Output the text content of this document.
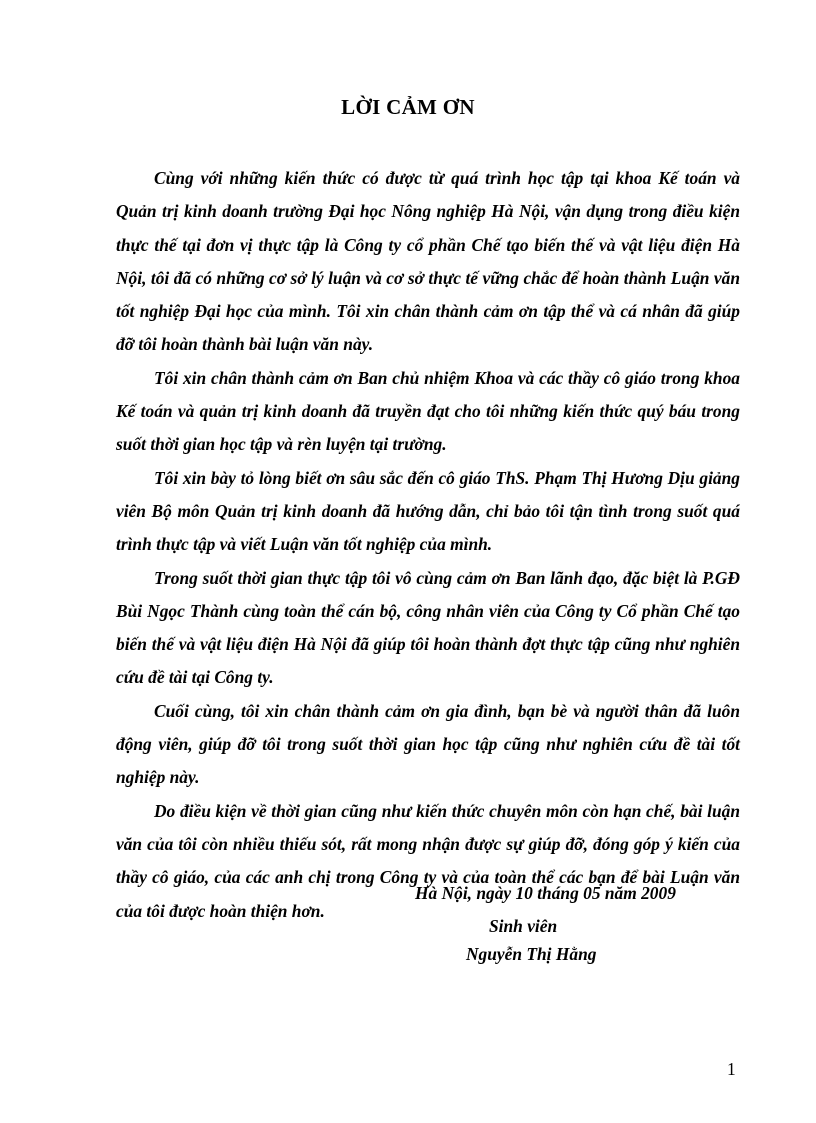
LỜI CẢM ƠN

Cùng với những kiến thức có được từ quá trình học tập tại khoa Kế toán và Quản trị kinh doanh trường Đại học Nông nghiệp Hà Nội, vận dụng trong điều kiện thực thế tại đơn vị thực tập là Công ty cổ phần Chế tạo biến thế và vật liệu điện Hà Nội, tôi đã có những cơ sở lý luận và cơ sở thực tế vững chắc để hoàn thành Luận văn tốt nghiệp Đại học của mình. Tôi xin chân thành cảm ơn tập thể và cá nhân đã giúp đỡ tôi hoàn thành bài luận văn này.

Tôi xin chân thành cảm ơn Ban chủ nhiệm Khoa và các thầy cô giáo trong khoa Kế toán và quản trị kinh doanh đã truyền đạt cho tôi những kiến thức quý báu trong suốt thời gian học tập và rèn luyện tại trường.

Tôi xin bày tỏ lòng biết ơn sâu sắc đến cô giáo ThS. Phạm Thị Hương Dịu giảng viên Bộ môn Quản trị kinh doanh đã hướng dẫn, chỉ bảo tôi tận tình trong suốt quá trình thực tập và viết Luận văn tốt nghiệp của mình.

Trong suốt thời gian thực tập tôi vô cùng cảm ơn Ban lãnh đạo, đặc biệt là P.GĐ Bùi Ngọc Thành cùng toàn thể cán bộ, công nhân viên của Công ty Cổ phần Chế tạo biến thế và vật liệu điện Hà Nội đã giúp tôi hoàn thành đợt thực tập cũng như nghiên cứu đề tài tại Công ty.

Cuối cùng, tôi xin chân thành cảm ơn gia đình, bạn bè và người thân đã luôn động viên, giúp đỡ tôi trong suốt thời gian học tập cũng như nghiên cứu đề tài tốt nghiệp này.

Do điều kiện về thời gian cũng như kiến thức chuyên môn còn hạn chế, bài luận văn của tôi còn nhiều thiếu sót, rất mong nhận được sự giúp đỡ, đóng góp ý kiến của thầy cô giáo, của các anh chị trong Công ty và của toàn thể các bạn để bài Luận văn của tôi được hoàn thiện hơn.

Hà Nội, ngày 10 tháng 05 năm 2009
Sinh viên
Nguyễn Thị Hằng
1
